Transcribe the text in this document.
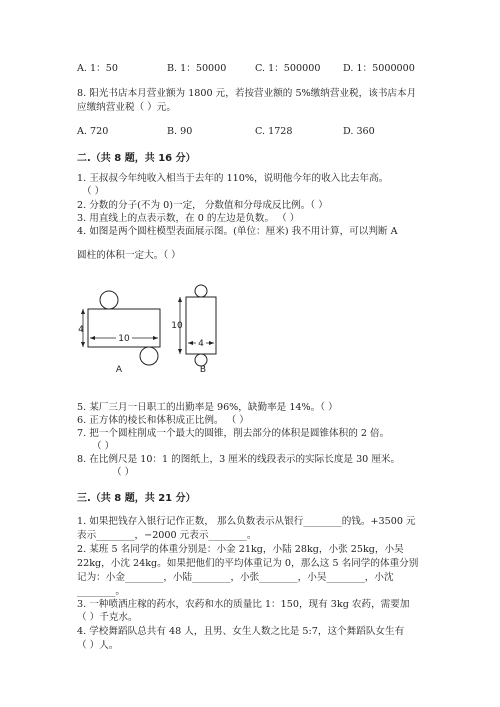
A. 1：50	B. 1：50000	C. 1：500000 D. 1：5000000
8. 阳光书店本月营业额为 1800 元，若按营业额的 5%缴纳营业税，该书店本月
应缴纳营业税（ ）元。
A. 720	B. 90	C. 1728	D. 360
二.（共 8 题，共 16 分）
1. 王叔叔今年纯收入相当于去年的 110%，说明他今年的收入比去年高。
（ ）
2. 分数的分子(不为 0)一定， 分数值和分母成反比例。（ ）
3. 用直线上的点表示数，在 0 的左边是负数。 （ ）
4. 如图是两个圆柱模型表面展示图。(单位：厘米) 我不用计算，可以判断 A
圆柱的体积一定大。（ ）
4
10
A
10
4
B
5. 某厂三月一日职工的出勤率是 96%，缺勤率是 14%。（ ）
6. 正方体的棱长和体积成正比例。 （ ）
7. 把一个圆柱削成一个最大的圆锥，削去部分的体积是圆锥体积的 2 倍。
（ ）
8. 在比例尺是 10：1 的图纸上，3 厘米的线段表示的实际长度是 30 厘米。
（ ）
三.（共 8 题，共 21 分）
1. 如果把钱存入银行记作正数， 那么负数表示从银行________的钱。+3500 元
表示________，−2000 元表示________。
2. 某班 5 名同学的体重分别是：小金 21kg，小陆 28kg，小张 25kg，小吴
22kg，小沈 24kg。如果把他们的平均体重记为 0，那么这 5 名同学的体重分别
记为：小金________，小陆________，小张________，小吴________，小沈
________。
3. 一种喷洒庄稼的药水，农药和水的质量比 1：150，现有 3kg 农药，需要加
（ ）千克水。
4. 学校舞蹈队总共有 48 人，且男、女生人数之比是 5:7，这个舞蹈队女生有
（ ）人。
